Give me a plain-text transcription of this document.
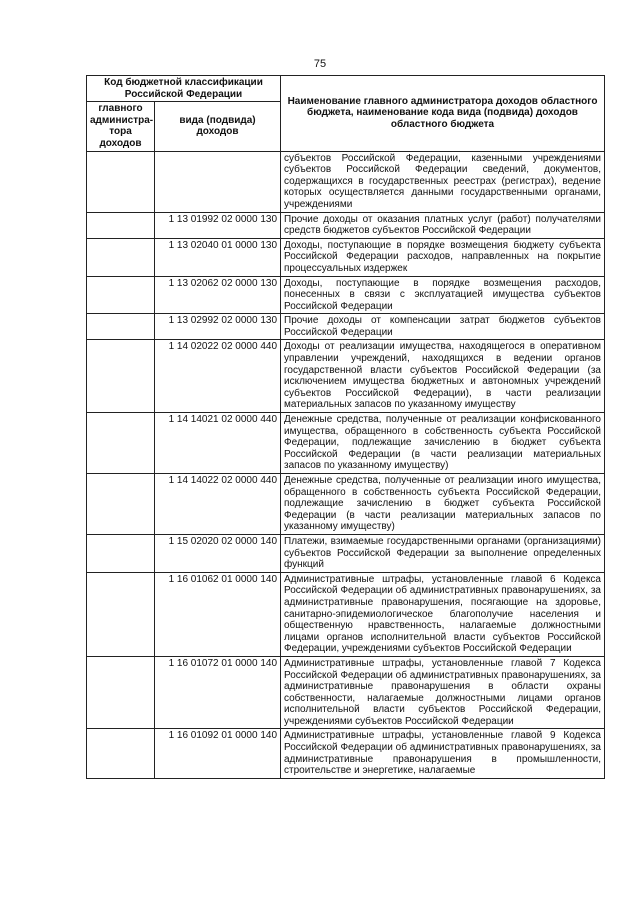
75
Код бюджетной классификации Российской Федерации		Наименование главного администратора доходов областного бюджета, наименование кода вида (подвида) доходов областного бюджета
главного администра-тора доходов	вида (подвида) доходов	
		субъектов Российской Федерации, казенными учреждениями субъектов Российской Федерации сведений, документов, содержащихся в государственных реестрах (регистрах), ведение которых осуществляется данными государственными органами, учреждениями
	1 13 01992 02 0000 130	Прочие доходы от оказания платных услуг (работ) получателями средств бюджетов субъектов Российской Федерации
	1 13 02040 01 0000 130	Доходы, поступающие в порядке возмещения бюджету субъекта Российской Федерации расходов, направленных на покрытие процессуальных издержек
	1 13 02062 02 0000 130	Доходы, поступающие в порядке возмещения расходов, понесенных в связи с эксплуатацией имущества субъектов Российской Федерации
	1 13 02992 02 0000 130	Прочие доходы от компенсации затрат бюджетов субъектов Российской Федерации
	1 14 02022 02 0000 440	Доходы от реализации имущества, находящегося в оперативном управлении учреждений, находящихся в ведении органов государственной власти субъектов Российской Федерации (за исключением имущества бюджетных и автономных учреждений субъектов Российской Федерации), в части реализации материальных запасов по указанному имуществу
	1 14 14021 02 0000 440	Денежные средства, полученные от реализации конфискованного имущества, обращенного в собственность субъекта Российской Федерации, подлежащие зачислению в бюджет субъекта Российской Федерации (в части реализации материальных запасов по указанному имуществу)
	1 14 14022 02 0000 440	Денежные средства, полученные от реализации иного имущества, обращенного в собственность субъекта Российской Федерации, подлежащие зачислению в бюджет субъекта Российской Федерации (в части реализации материальных запасов по указанному имуществу)
	1 15 02020 02 0000 140	Платежи, взимаемые государственными органами (организациями) субъектов Российской Федерации за выполнение определенных функций
	1 16 01062 01 0000 140	Административные штрафы, установленные главой 6 Кодекса Российской Федерации об административных правонарушениях, за административные правонарушения, посягающие на здоровье, санитарно-эпидемиологическое благополучие населения и общественную нравственность, налагаемые должностными лицами органов исполнительной власти субъектов Российской Федерации, учреждениями субъектов Российской Федерации
	1 16 01072 01 0000 140	Административные штрафы, установленные главой 7 Кодекса Российской Федерации об административных правонарушениях, за административные правонарушения в области охраны собственности, налагаемые должностными лицами органов исполнительной власти субъектов Российской Федерации, учреждениями субъектов Российской Федерации
	1 16 01092 01 0000 140	Административные штрафы, установленные главой 9 Кодекса Российской Федерации об административных правонарушениях, за административные правонарушения в промышленности, строительстве и энергетике, налагаемые
